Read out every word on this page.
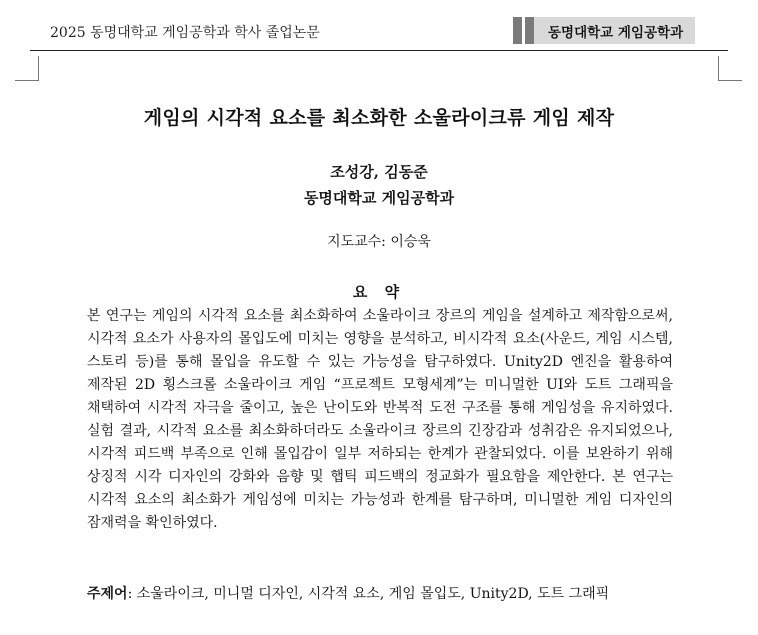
2025 동명대학교 게임공학과 학사 졸업논문	동명대학교 게임공학과
게임의 시각적 요소를 최소화한 소울라이크류 게임 제작
조성강, 김동준
동명대학교 게임공학과
지도교수: 이승욱
요 약

본 연구는 게임의 시각적 요소를 최소화하여 소울라이크 장르의 게임을 설계하고 제작함으로써, 시각적 요소가 사용자의 몰입도에 미치는 영향을 분석하고, 비시각적 요소(사운드, 게임 시스템, 스토리 등)를 통해 몰입을 유도할 수 있는 가능성을 탐구하였다. Unity2D 엔진을 활용하여 제작된 2D 횡스크롤 소울라이크 게임 “프로젝트 모형세계”는 미니멀한 UI와 도트 그래픽을 채택하여 시각적 자극을 줄이고, 높은 난이도와 반복적 도전 구조를 통해 게임성을 유지하였다. 실험 결과, 시각적 요소를 최소화하더라도 소울라이크 장르의 긴장감과 성취감은 유지되었으나, 시각적 피드백 부족으로 인해 몰입감이 일부 저하되는 한계가 관찰되었다. 이를 보완하기 위해 상징적 시각 디자인의 강화와 음향 및 햅틱 피드백의 정교화가 필요함을 제안한다. 본 연구는 시각적 요소의 최소화가 게임성에 미치는 가능성과 한계를 탐구하며, 미니멀한 게임 디자인의 잠재력을 확인하였다.

주제어: 소울라이크, 미니멀 디자인, 시각적 요소, 게임 몰입도, Unity2D, 도트 그래픽
